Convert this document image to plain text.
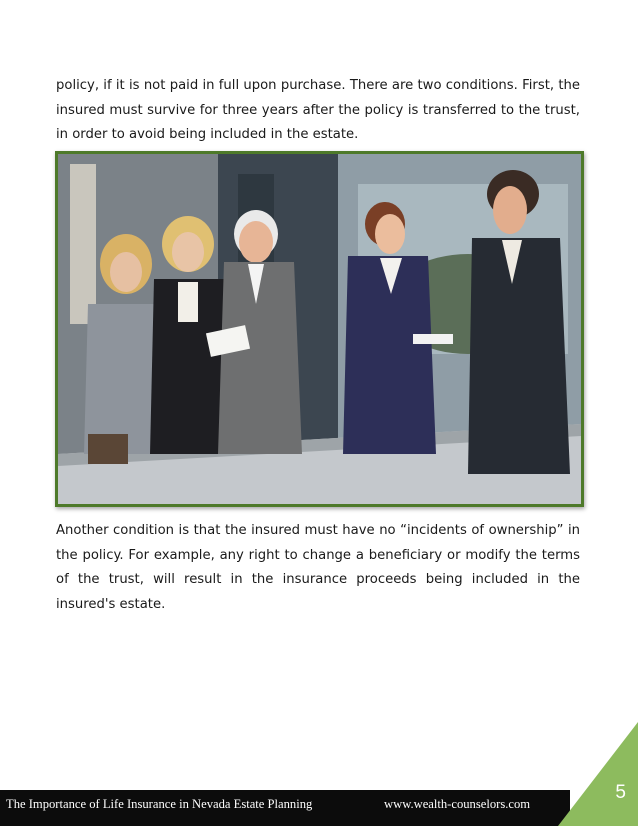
policy, if it is not paid in full upon purchase. There are two conditions. First, the insured must survive for three years after the policy is transferred to the trust, in order to avoid being included in the estate.

Another condition is that the insured must have no “incidents of ownership” in the policy. For example, any right to change a beneficiary or modify the terms of the trust, will result in the insurance proceeds being included in the insured's estate.

The Importance of Life Insurance in Nevada Estate Planning	www.wealth-counselors.com
5
